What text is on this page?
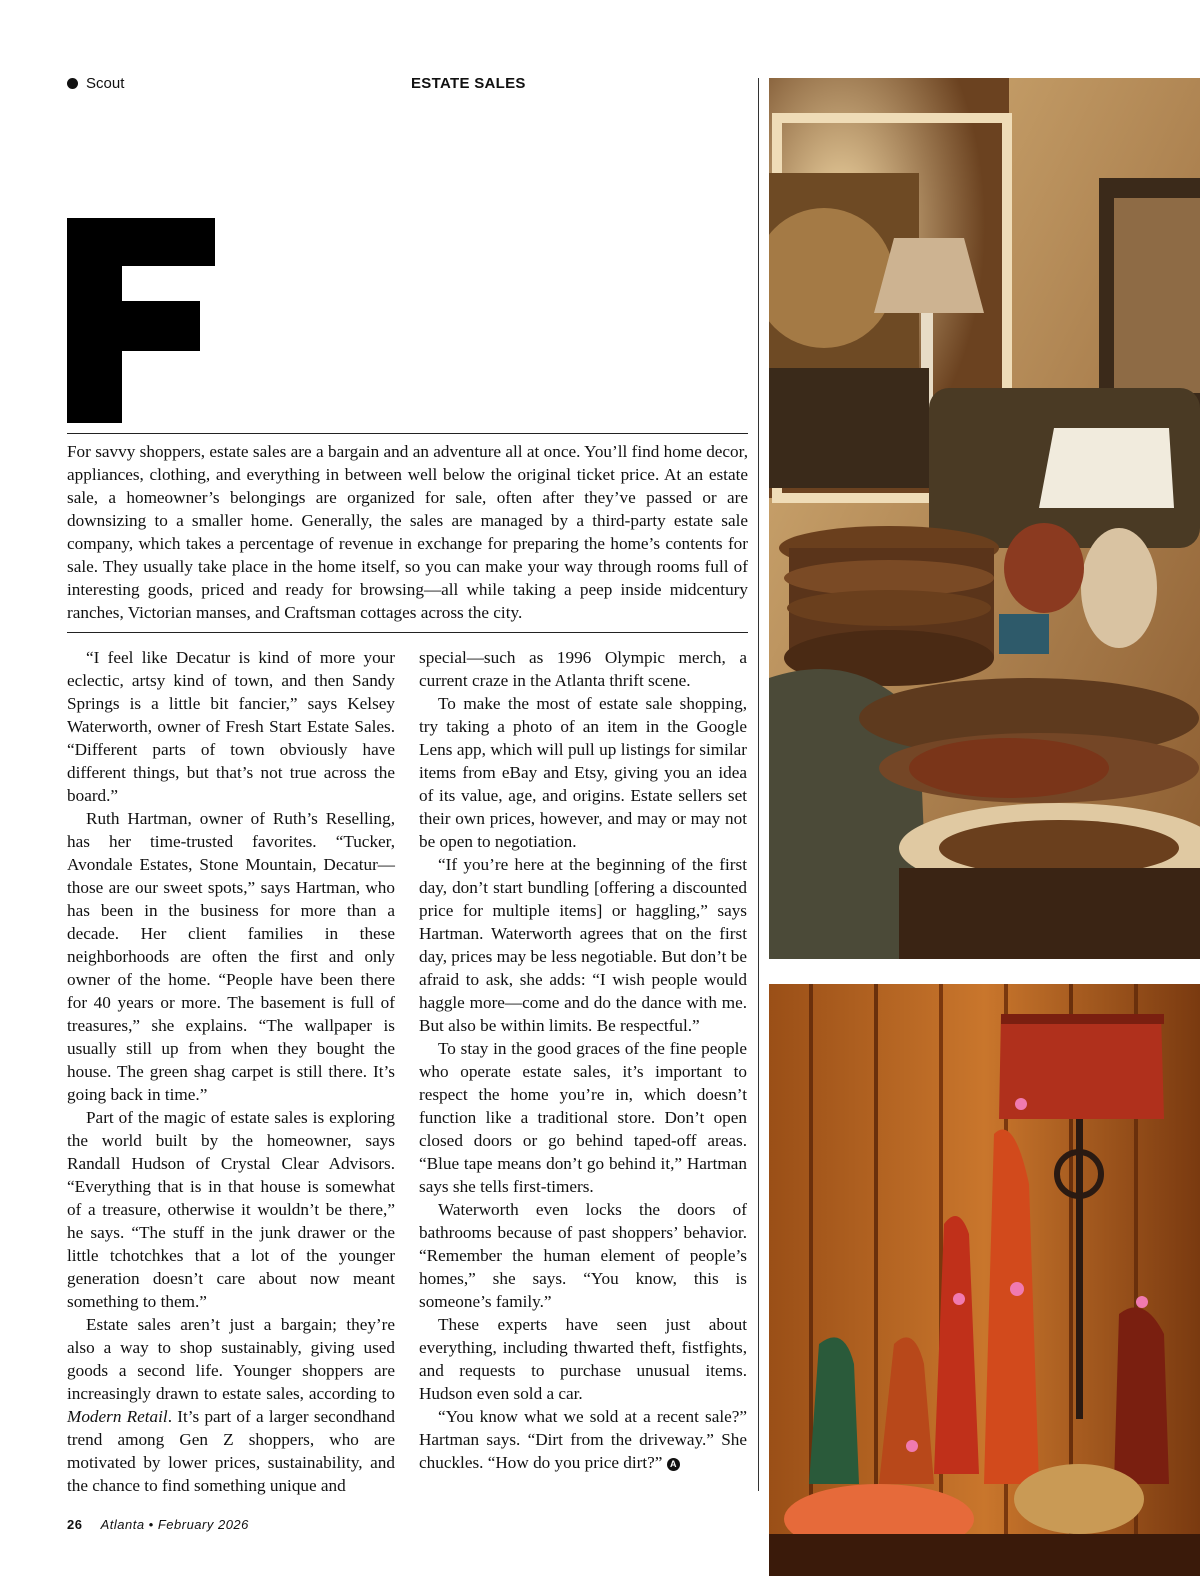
Scout	ESTATE SALES

For savvy shoppers, estate sales are a bargain and an adventure all at once. You’ll find home decor, appliances, clothing, and everything in between well below the original ticket price. At an estate sale, a homeowner’s belongings are organized for sale, often after they’ve passed or are downsizing to a smaller home. Generally, the sales are managed by a third-party estate sale company, which takes a percentage of revenue in exchange for preparing the home’s contents for sale. They usually take place in the home itself, so you can make your way through rooms full of interesting goods, priced and ready for browsing—all while taking a peep inside midcentury ranches, Victorian manses, and Craftsman cottages across the city.

“I feel like Decatur is kind of more your eclectic, artsy kind of town, and then Sandy Springs is a little bit fancier,” says Kelsey Waterworth, owner of Fresh Start Estate Sales. “Different parts of town obviously have different things, but that’s not true across the board.”

Ruth Hartman, owner of Ruth’s Reselling, has her time-trusted favorites. “Tucker, Avondale Estates, Stone Mountain, Decatur—those are our sweet spots,” says Hartman, who has been in the business for more than a decade. Her client families in these neighborhoods are often the first and only owner of the home. “People have been there for 40 years or more. The basement is full of treasures,” she explains. “The wallpaper is usually still up from when they bought the house. The green shag carpet is still there. It’s going back in time.”

Part of the magic of estate sales is exploring the world built by the homeowner, says Randall Hudson of Crystal Clear Advisors. “Everything that is in that house is somewhat of a treasure, otherwise it wouldn’t be there,” he says. “The stuff in the junk drawer or the little tchotchkes that a lot of the younger generation doesn’t care about now meant something to them.”

Estate sales aren’t just a bargain; they’re also a way to shop sustainably, giving used goods a second life. Younger shoppers are increasingly drawn to estate sales, according to Modern Retail. It’s part of a larger secondhand trend among Gen Z shoppers, who are motivated by lower prices, sustainability, and the chance to find something unique and

special—such as 1996 Olympic merch, a current craze in the Atlanta thrift scene.

To make the most of estate sale shopping, try taking a photo of an item in the Google Lens app, which will pull up listings for similar items from eBay and Etsy, giving you an idea of its value, age, and origins. Estate sellers set their own prices, however, and may or may not be open to negotiation.

“If you’re here at the beginning of the first day, don’t start bundling [offering a discounted price for multiple items] or haggling,” says Hartman. Waterworth agrees that on the first day, prices may be less negotiable. But don’t be afraid to ask, she adds: “I wish people would haggle more—come and do the dance with me. But also be within limits. Be respectful.”

To stay in the good graces of the fine people who operate estate sales, it’s important to respect the home you’re in, which doesn’t function like a traditional store. Don’t open closed doors or go behind taped-off areas. “Blue tape means don’t go behind it,” Hartman says she tells first-timers.

Waterworth even locks the doors of bathrooms because of past shoppers’ behavior. “Remember the human element of people’s homes,” she says. “You know, this is someone’s family.”

These experts have seen just about everything, including thwarted theft, fistfights, and requests to purchase unusual items. Hudson even sold a car.

“You know what we sold at a recent sale?” Hartman says. “Dirt from the driveway.” She chuckles. “How do you price dirt?” A

26 Atlanta • February 2026
